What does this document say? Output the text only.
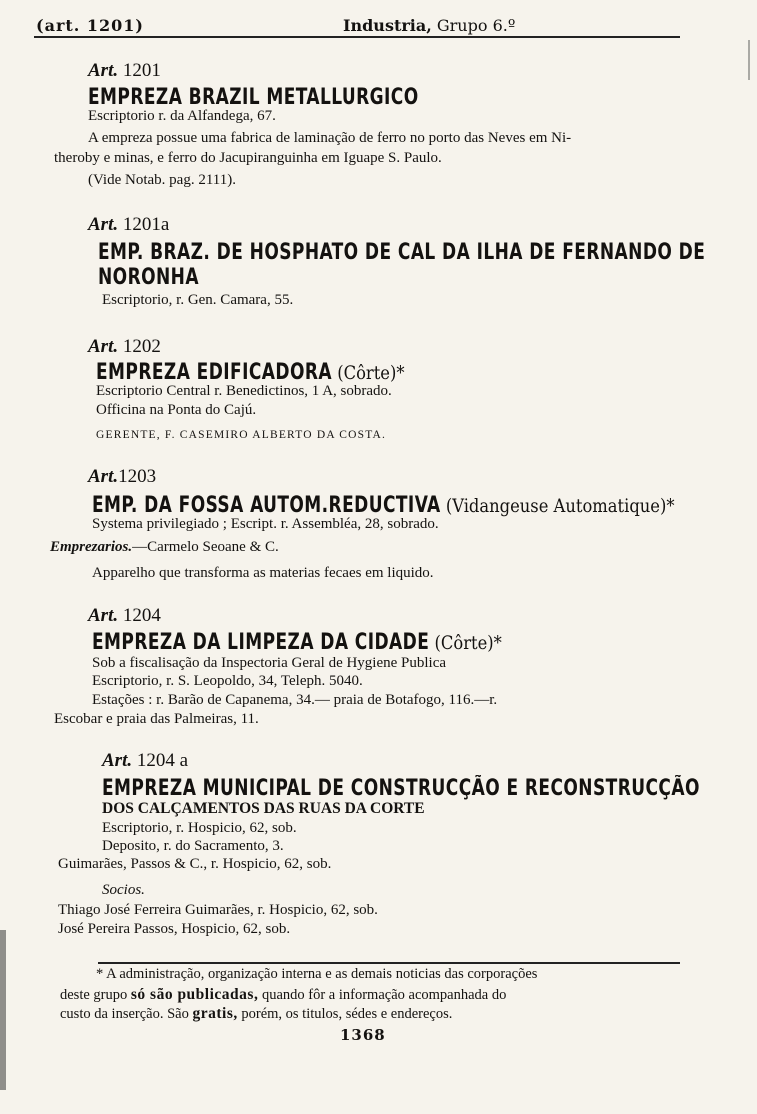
(art. 1201)	Industria, Grupo 6.º
Art. 1201
EMPREZA BRAZIL METALLURGICO
Escriptorio r. da Alfandega, 67.
A empreza possue uma fabrica de laminação de ferro no porto das Neves em Ni-
theroby e minas, e ferro do Jacupiranguinha em Iguape S. Paulo.
(Vide Notab. pag. 2111).
Art. 1201a
EMP. BRAZ. DE HOSPHATO DE CAL DA ILHA DE FERNANDO DE
NORONHA
Escriptorio, r. Gen. Camara, 55.
Art. 1202
EMPREZA EDIFICADORA (Côrte)*
Escriptorio Central r. Benedictinos, 1 A, sobrado.
Officina na Ponta do Cajú.
GERENTE, F. CASEMIRO ALBERTO DA COSTA.
Art.1203
EMP. DA FOSSA AUTOM.REDUCTIVA (Vidangeuse Automatique)*
Systema privilegiado ; Escript. r. Assembléa, 28, sobrado.
Emprezarios.—Carmelo Seoane & C.
Apparelho que transforma as materias fecaes em liquido.
Art. 1204
EMPREZA DA LIMPEZA DA CIDADE (Côrte)*
Sob a fiscalisação da Inspectoria Geral de Hygiene Publica
Escriptorio, r. S. Leopoldo, 34, Teleph. 5040.
Estações : r. Barão de Capanema, 34.— praia de Botafogo, 116.—r.
Escobar e praia das Palmeiras, 11.
Art. 1204 a
EMPREZA MUNICIPAL DE CONSTRUCÇÃO E RECONSTRUCÇÃO
DOS CALÇAMENTOS DAS RUAS DA CORTE
Escriptorio, r. Hospicio, 62, sob.
Deposito, r. do Sacramento, 3.
Guimarães, Passos & C., r. Hospicio, 62, sob.
Socios.
Thiago José Ferreira Guimarães, r. Hospicio, 62, sob.
José Pereira Passos, Hospicio, 62, sob.
* A administração, organização interna e as demais noticias das corporações
deste grupo só são publicadas, quando fôr a informação acompanhada do
custo da inserção. São gratis, porém, os titulos, sédes e endereços.
1368
